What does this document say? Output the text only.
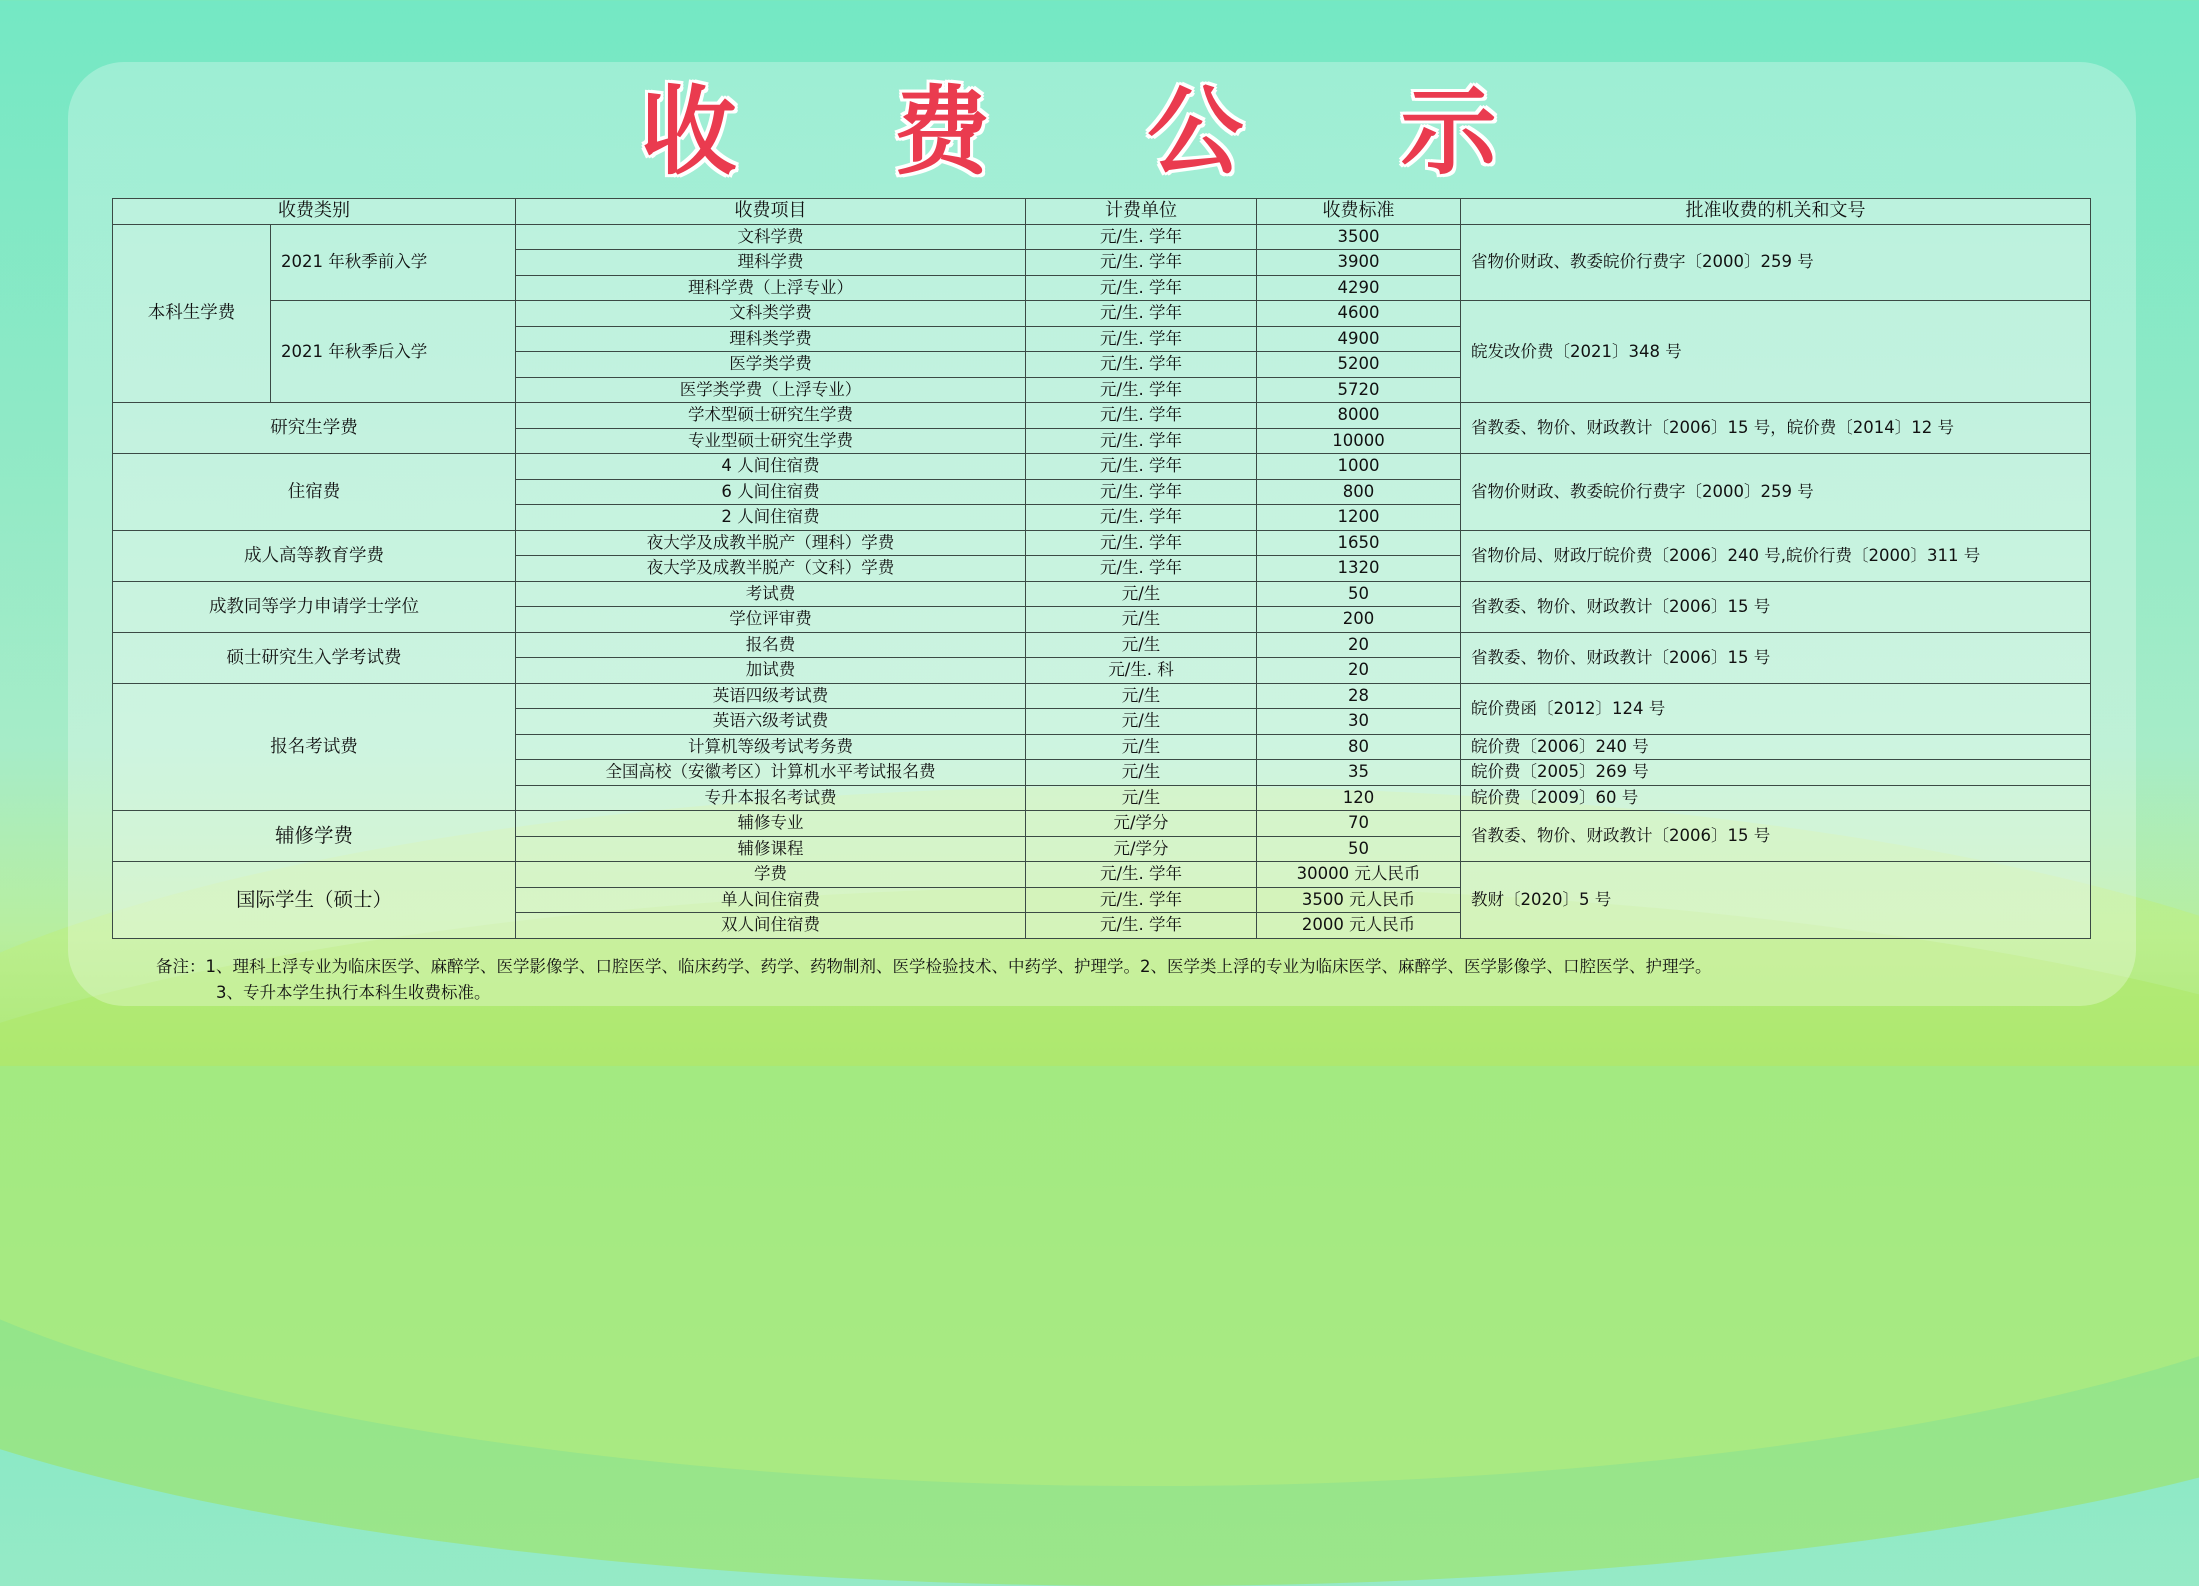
收 费 公 示
收费类别		收费项目	计费单位	收费标准	批准收费的机关和文号
本科生学费	2021 年秋季前入学	文科学费	元/生. 学年	3500	省物价财政、教委皖价行费字〔2000〕259 号
		理科学费	元/生. 学年	3900	
		理科学费（上浮专业）	元/生. 学年	4290	
	2021 年秋季后入学	文科类学费	元/生. 学年	4600	皖发改价费〔2021〕348 号
		理科类学费	元/生. 学年	4900	
		医学类学费	元/生. 学年	5200	
		医学类学费（上浮专业）	元/生. 学年	5720	
研究生学费		学术型硕士研究生学费	元/生. 学年	8000	省教委、物价、财政教计〔2006〕15 号，皖价费〔2014〕12 号
		专业型硕士研究生学费	元/生. 学年	10000	
住宿费		4 人间住宿费	元/生. 学年	1000	省物价财政、教委皖价行费字〔2000〕259 号
		6 人间住宿费	元/生. 学年	800	
		2 人间住宿费	元/生. 学年	1200	
成人高等教育学费		夜大学及成教半脱产（理科）学费	元/生. 学年	1650	省物价局、财政厅皖价费〔2006〕240 号,皖价行费〔2000〕311 号
		夜大学及成教半脱产（文科）学费	元/生. 学年	1320	
成教同等学力申请学士学位		考试费	元/生	50	省教委、物价、财政教计〔2006〕15 号
		学位评审费	元/生	200	
硕士研究生入学考试费		报名费	元/生	20	省教委、物价、财政教计〔2006〕15 号
		加试费	元/生. 科	20	
报名考试费		英语四级考试费	元/生	28	皖价费函〔2012〕124 号
		英语六级考试费	元/生	30	
		计算机等级考试考务费	元/生	80	皖价费〔2006〕240 号
		全国高校（安徽考区）计算机水平考试报名费	元/生	35	皖价费〔2005〕269 号
		专升本报名考试费	元/生	120	皖价费〔2009〕60 号
辅修学费		辅修专业	元/学分	70	省教委、物价、财政教计〔2006〕15 号
		辅修课程	元/学分	50	
国际学生（硕士）		学费	元/生. 学年	30000 元人民币	教财〔2020〕5 号
		单人间住宿费	元/生. 学年	3500 元人民币	
		双人间住宿费	元/生. 学年	2000 元人民币	
备注：1、理科上浮专业为临床医学、麻醉学、医学影像学、口腔医学、临床药学、药学、药物制剂、医学检验技术、中药学、护理学。2、医学类上浮的专业为临床医学、麻醉学、医学影像学、口腔医学、护理学。
3、专升本学生执行本科生收费标准。
